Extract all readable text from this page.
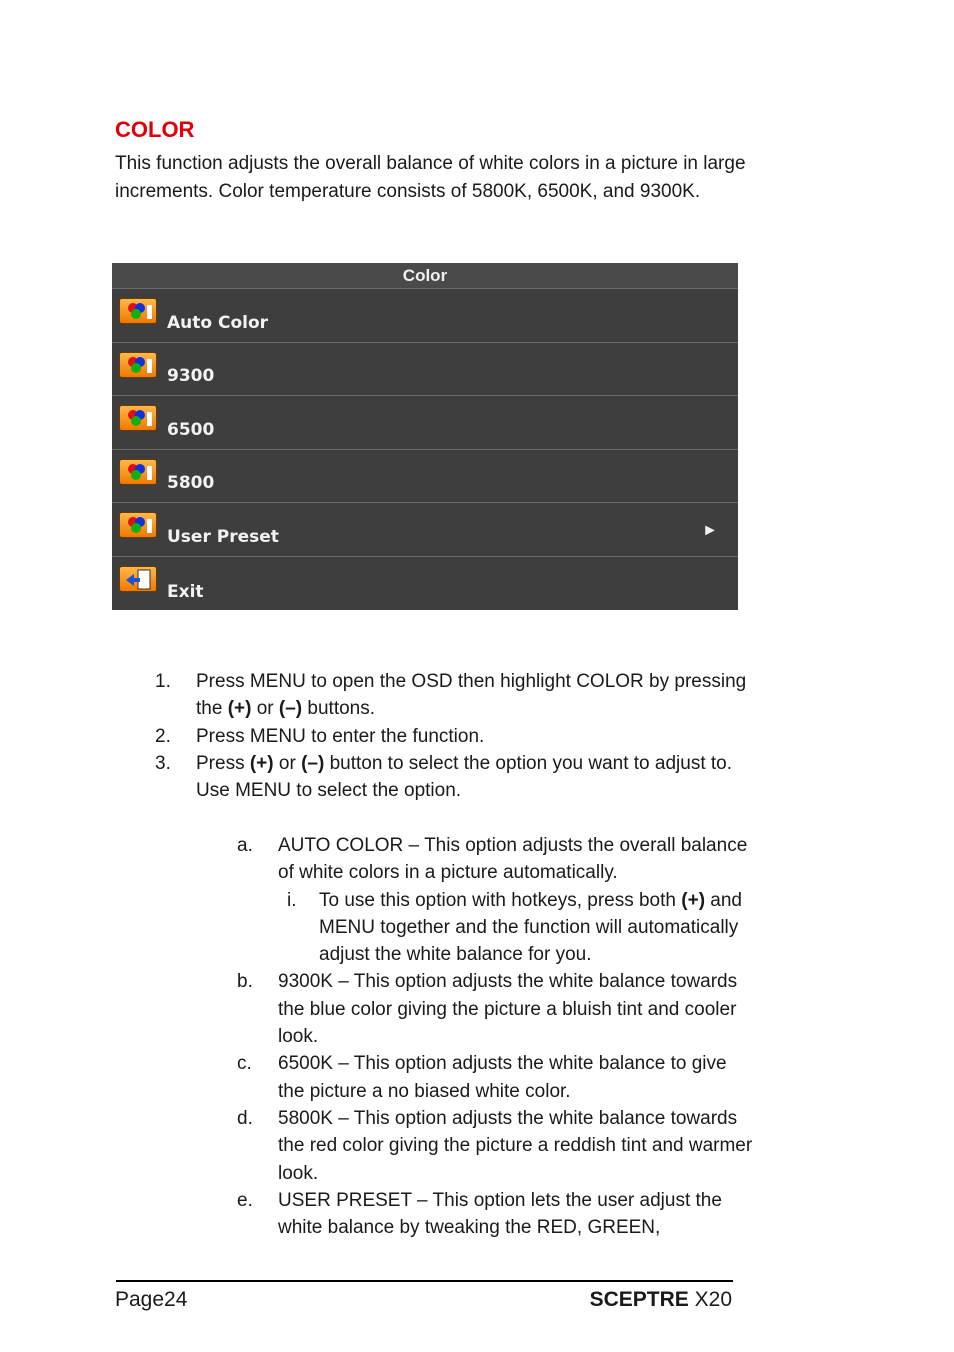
COLOR
This function adjusts the overall balance of white colors in a picture in large increments. Color temperature consists of 5800K, 6500K, and 9300K.
Color
Auto Color
9300
6500
5800
User Preset	►
Exit
1. Press MENU to open the OSD then highlight COLOR by pressing the (+) or (–) buttons.
2. Press MENU to enter the function.
3. Press (+) or (–) button to select the option you want to adjust to. Use MENU to select the option.
a. AUTO COLOR – This option adjusts the overall balance of white colors in a picture automatically.
i. To use this option with hotkeys, press both (+) and MENU together and the function will automatically adjust the white balance for you.
b. 9300K – This option adjusts the white balance towards the blue color giving the picture a bluish tint and cooler look.
c. 6500K – This option adjusts the white balance to give the picture a no biased white color.
d. 5800K – This option adjusts the white balance towards the red color giving the picture a reddish tint and warmer look.
e. USER PRESET – This option lets the user adjust the white balance by tweaking the RED, GREEN,
Page24	SCEPTRE X20
